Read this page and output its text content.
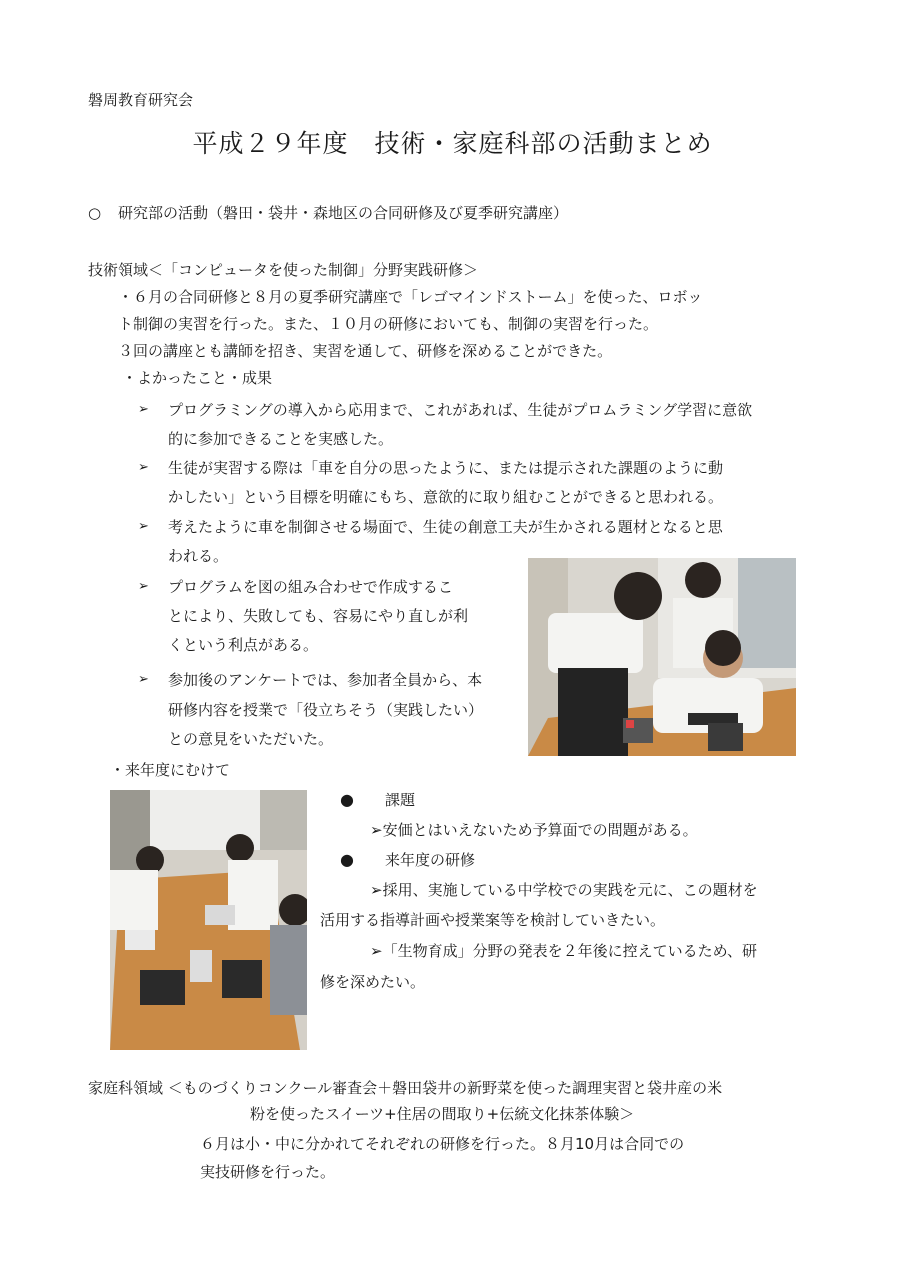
磐周教育研究会
平成２９年度　技術・家庭科部の活動まとめ
○ 研究部の活動（磐田・袋井・森地区の合同研修及び夏季研究講座）
技術領域＜「コンピュータを使った制御」分野実践研修＞
・６月の合同研修と８月の夏季研究講座で「レゴマインドストーム」を使った、ロボッ
ト制御の実習を行った。また、１０月の研修においても、制御の実習を行った。
３回の講座とも講師を招き、実習を通して、研修を深めることができた。
・よかったこと・成果
➢ プログラミングの導入から応用まで、これがあれば、生徒がプロムラミング学習に意欲
的に参加できることを実感した。
➢ 生徒が実習する際は「車を自分の思ったように、または提示された課題のように動
かしたい」という目標を明確にもち、意欲的に取り組むことができると思われる。
➢ 考えたように車を制御させる場面で、生徒の創意工夫が生かされる題材となると思
われる。
➢ プログラムを図の組み合わせで作成するこ
とにより、失敗しても、容易にやり直しが利
くという利点がある。
➢ 参加後のアンケートでは、参加者全員から、本
研修内容を授業で「役立ちそう（実践したい）
との意見をいただいた。
・来年度にむけて
● 課題
➢安価とはいえないため予算面での問題がある。
● 来年度の研修
➢採用、実施している中学校での実践を元に、この題材を
活用する指導計画や授業案等を検討していきたい。
➢「生物育成」分野の発表を２年後に控えているため、研
修を深めたい。
家庭科領域 ＜ものづくりコンクール審査会＋磐田袋井の新野菜を使った調理実習と袋井産の米
粉を使ったスイーツ+住居の間取り+伝統文化抹茶体験＞
６月は小・中に分かれてそれぞれの研修を行った。８月10月は合同での
実技研修を行った。
